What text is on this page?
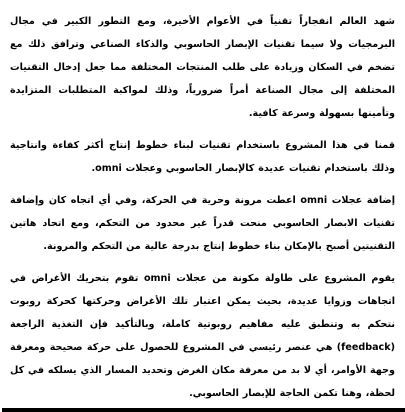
شهد العالم انفجاراً تقنياً في الأعوام الأخيرة، ومع التطور الكبير في مجال البرمجيات ولا سيما تقنيات الإبصار الحاسوبي والذكاء الصناعي وترافق ذلك مع تضخم في السكان وزيادة على طلب المنتجات المختلفة مما جعل إدخال التقنيات المختلفة إلى مجال الصناعة أمراً ضرورياً، وذلك لمواكبة المتطلبات المتزايدة وتأمينها بسهولة وسرعة كافية.

قمنا في هذا المشروع باستخدام تقنيات لبناء خطوط إنتاج أكثر كفاءة وانتاجية وذلك باستخدام تقنيات عديدة كالإبصار الحاسوبي وعجلات omni.

إضافة عجلات omni اعطت مرونة وحرية في الحركة، وفي أي اتجاه كان وإضافة تقنيات الابصار الحاسوبي منحت قدراً غير محدود من التحكم، ومع اتحاد هاتين التقنيتين أصبح بالإمكان بناء خطوط إنتاج بدرجة عالية من التحكم والمرونة.

يقوم المشروع على طاولة مكونة من عجلات omni تقوم بتحريك الأغراض في اتجاهات وزوايا عديدة، بحيث يمكن اعتبار تلك الأغراض وحركتها كحركة روبوت نتحكم به وتنطبق عليه مفاهيم روبوتية كاملة، وبالتأكيد فإن التغذية الراجعة (feedback) هي عنصر رئيسي في المشروع للحصول على حركة صحيحة ومعرفة وجهة الأوامر، أي لا بد من معرفة مكان الغرض وتحديد المسار الذي يسلكه في كل لحظة، وهنا تكمن الحاجة للإبصار الحاسوبي.
